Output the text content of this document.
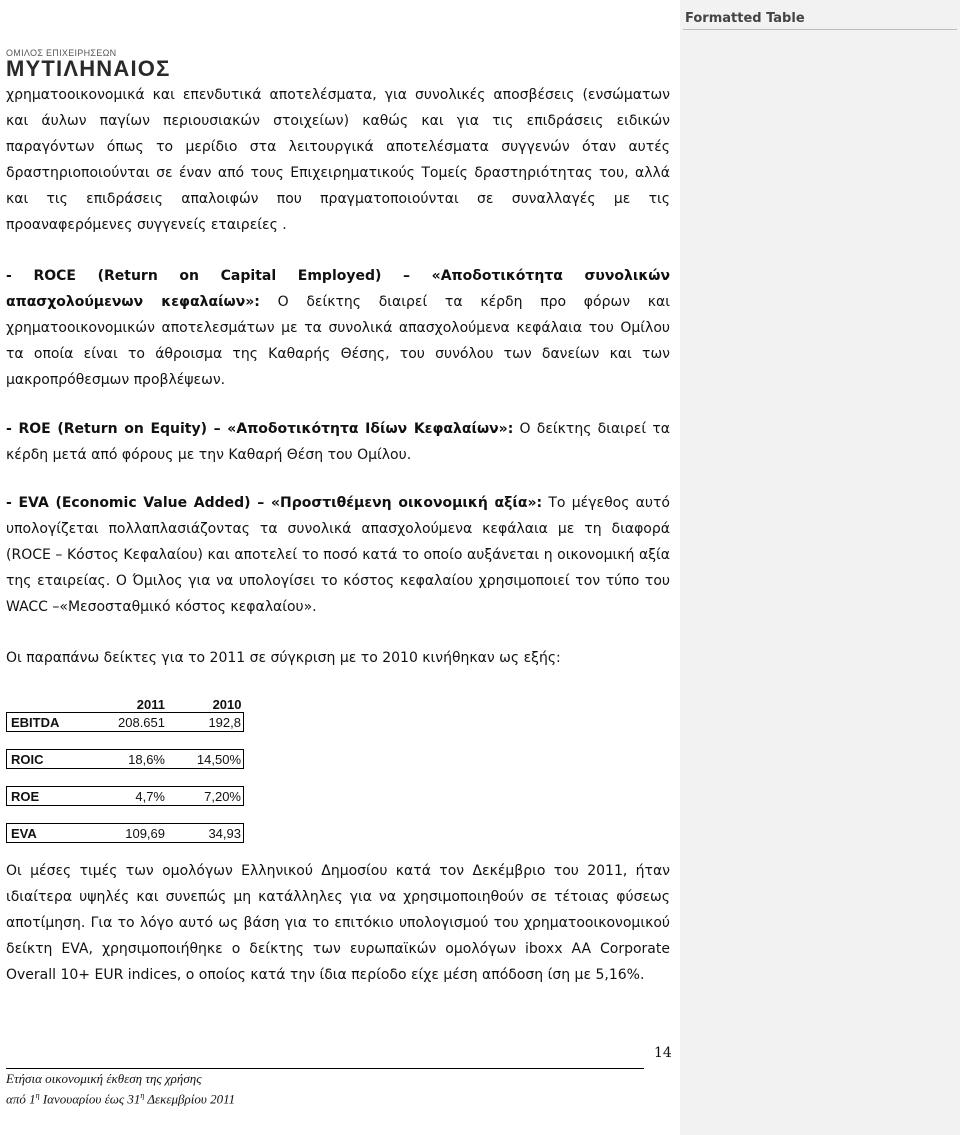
Formatted Table
ΟΜΙΛΟΣ ΕΠΙΧΕΙΡΗΣΕΩΝ
ΜΥΤΙΛΗΝΑΙΟΣ

χρηματοοικονομικά και επενδυτικά αποτελέσματα, για συνολικές αποσβέσεις (ενσώματων και άυλων παγίων περιουσιακών στοιχείων) καθώς και για τις επιδράσεις ειδικών παραγόντων όπως το μερίδιο στα λειτουργικά αποτελέσματα συγγενών όταν αυτές δραστηριοποιούνται σε έναν από τους Επιχειρηματικούς Τομείς δραστηριότητας του, αλλά και τις επιδράσεις απαλοιφών που πραγματοποιούνται σε συναλλαγές με τις προαναφερόμενες συγγενείς εταιρείες .

- ROCE (Return on Capital Employed) – «Αποδοτικότητα συνολικών απασχολούμενων κεφαλαίων»: Ο δείκτης διαιρεί τα κέρδη προ φόρων και χρηματοοικονομικών αποτελεσμάτων με τα συνολικά απασχολούμενα κεφάλαια του Ομίλου τα οποία είναι το άθροισμα της Καθαρής Θέσης, του συνόλου των δανείων και των μακροπρόθεσμων προβλέψεων.

- ROE (Return on Equity) – «Αποδοτικότητα Ιδίων Κεφαλαίων»: Ο δείκτης διαιρεί τα κέρδη μετά από φόρους με την Καθαρή Θέση του Ομίλου.

- EVA (Economic Value Added) – «Προστιθέμενη οικονομική αξία»: Το μέγεθος αυτό υπολογίζεται πολλαπλασιάζοντας τα συνολικά απασχολούμενα κεφάλαια με τη διαφορά (ROCE – Κόστος Κεφαλαίου) και αποτελεί το ποσό κατά το οποίο αυξάνεται η οικονομική αξία της εταιρείας. Ο Όμιλος για να υπολογίσει το κόστος κεφαλαίου χρησιμοποιεί τον τύπο του WACC –«Μεσοσταθμικό κόστος κεφαλαίου».

Οι παραπάνω δείκτες για το 2011 σε σύγκριση με το 2010 κινήθηκαν ως εξής:

	2011	2010
EBITDA	208.651	192,8

ROIC	18,6%	14,50%

ROE	4,7%	7,20%

EVA	109,69	34,93

Οι μέσες τιμές των ομολόγων Ελληνικού Δημοσίου κατά τον Δεκέμβριο του 2011, ήταν ιδιαίτερα υψηλές και συνεπώς μη κατάλληλες για να χρησιμοποιηθούν σε τέτοιας φύσεως αποτίμηση. Για το λόγο αυτό ως βάση για το επιτόκιο υπολογισμού του χρηματοοικονομικού δείκτη EVA, χρησιμοποιήθηκε ο δείκτης των ευρωπαϊκών ομολόγων iboxx AA Corporate Overall 10+ EUR indices, ο οποίος κατά την ίδια περίοδο είχε μέση απόδοση ίση με 5,16%.

14
Ετήσια οικονομική έκθεση της χρήσης
από $1^\eta$ Ιανουαρίου έως $31^\eta$ Δεκεμβρίου 2011
